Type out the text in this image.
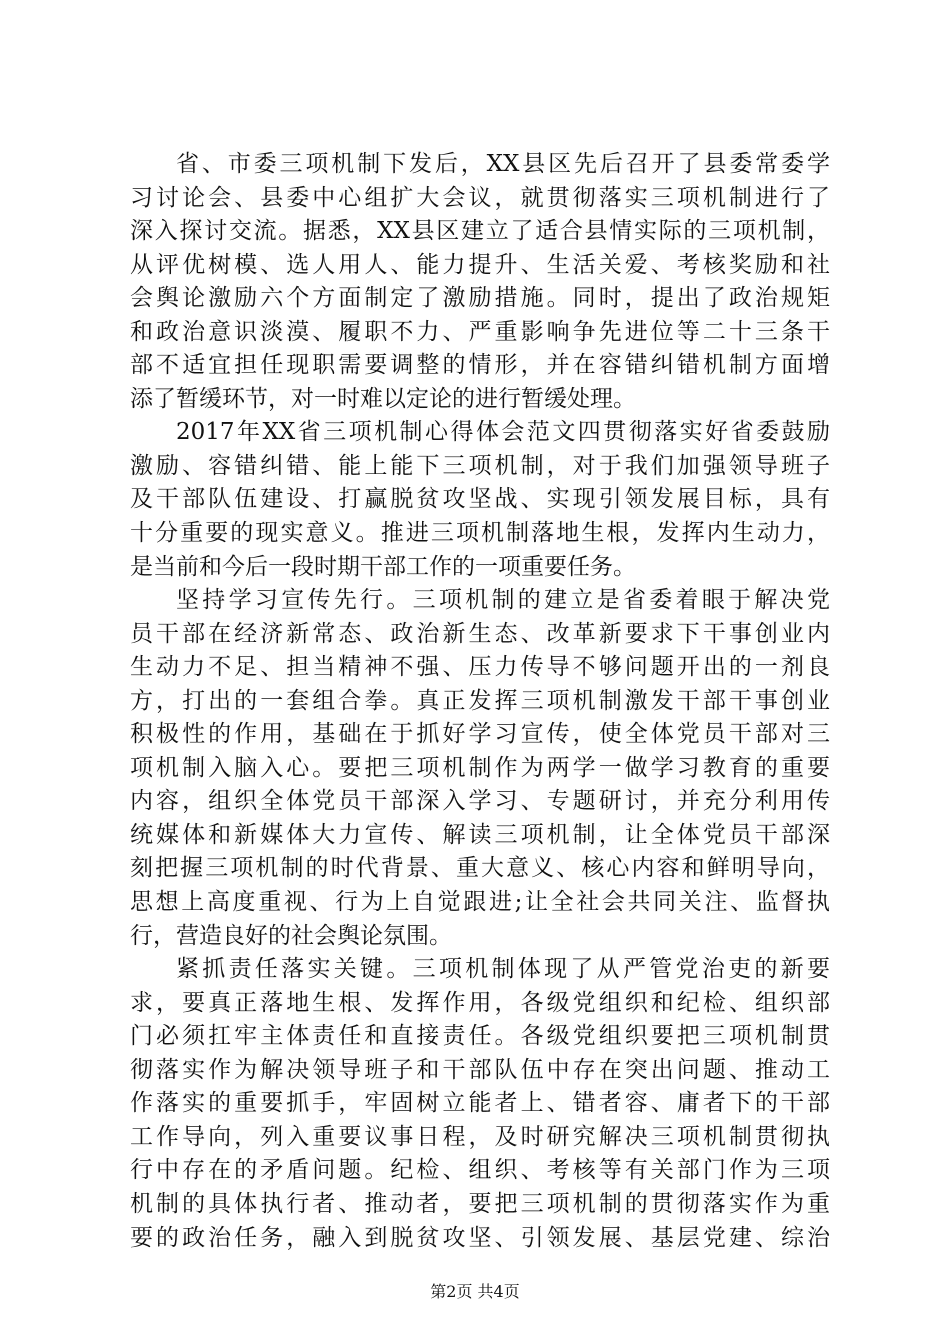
省、市委三项机制下发后，XX县区先后召开了县委常委学
习讨论会、县委中心组扩大会议，就贯彻落实三项机制进行了
深入探讨交流。据悉，XX县区建立了适合县情实际的三项机制，
从评优树模、选人用人、能力提升、生活关爱、考核奖励和社
会舆论激励六个方面制定了激励措施。同时，提出了政治规矩
和政治意识淡漠、履职不力、严重影响争先进位等二十三条干
部不适宜担任现职需要调整的情形，并在容错纠错机制方面增
添了暂缓环节，对一时难以定论的进行暂缓处理。
2017年XX省三项机制心得体会范文四贯彻落实好省委鼓励
激励、容错纠错、能上能下三项机制，对于我们加强领导班子
及干部队伍建设、打赢脱贫攻坚战、实现引领发展目标，具有
十分重要的现实意义。推进三项机制落地生根，发挥内生动力，
是当前和今后一段时期干部工作的一项重要任务。
坚持学习宣传先行。三项机制的建立是省委着眼于解决党
员干部在经济新常态、政治新生态、改革新要求下干事创业内
生动力不足、担当精神不强、压力传导不够问题开出的一剂良
方，打出的一套组合拳。真正发挥三项机制激发干部干事创业
积极性的作用，基础在于抓好学习宣传，使全体党员干部对三
项机制入脑入心。要把三项机制作为两学一做学习教育的重要
内容，组织全体党员干部深入学习、专题研讨，并充分利用传
统媒体和新媒体大力宣传、解读三项机制，让全体党员干部深
刻把握三项机制的时代背景、重大意义、核心内容和鲜明导向，
思想上高度重视、行为上自觉跟进;让全社会共同关注、监督执
行，营造良好的社会舆论氛围。
紧抓责任落实关键。三项机制体现了从严管党治吏的新要
求，要真正落地生根、发挥作用，各级党组织和纪检、组织部
门必须扛牢主体责任和直接责任。各级党组织要把三项机制贯
彻落实作为解决领导班子和干部队伍中存在突出问题、推动工
作落实的重要抓手，牢固树立能者上、错者容、庸者下的干部
工作导向，列入重要议事日程，及时研究解决三项机制贯彻执
行中存在的矛盾问题。纪检、组织、考核等有关部门作为三项
机制的具体执行者、推动者，要把三项机制的贯彻落实作为重
要的政治任务，融入到脱贫攻坚、引领发展、基层党建、综治
第2页 共4页
